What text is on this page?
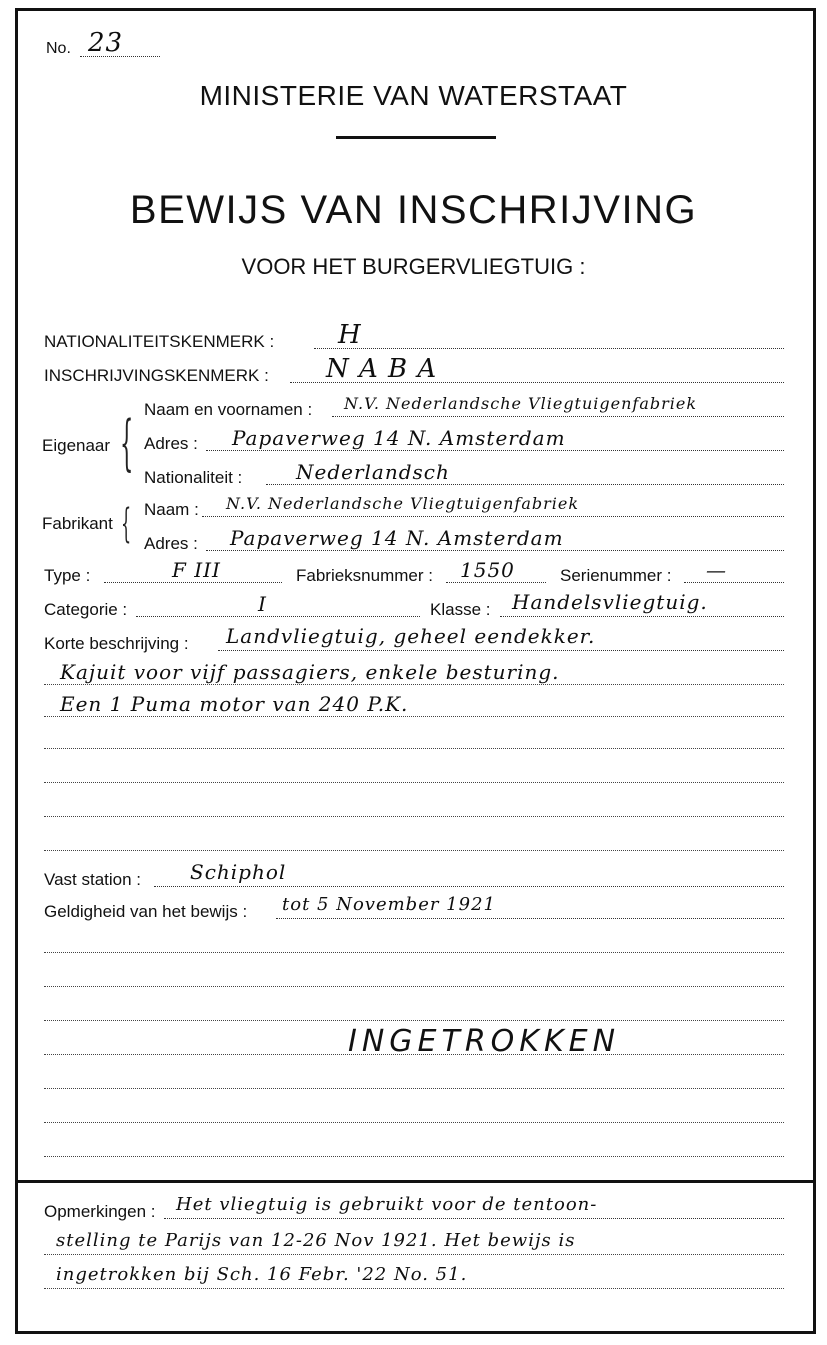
No. 23
MINISTERIE VAN WATERSTAAT
BEWIJS VAN INSCHRIJVING
VOOR HET BURGERVLIEGTUIG :
NATIONALITEITSKENMERK : H
INSCHRIJVINGSKENMERK : N A B A
Eigenaar { Naam en voornamen : N.V. Nederlandsche Vliegtuigenfabriek
Adres : Papaverweg 14 N. Amsterdam
Nationaliteit :	Nederlandsch
Fabrikant { Naam : N.V. Nederlandsche Vliegtuigenfabriek
Adres : Papaverweg 14 N. Amsterdam
Type :	F III	Fabrieksnummer : 1550	Serienummer : —
Categorie :	I	Klasse : Handelsvliegtuig.
Korte beschrijving : Landvliegtuig, geheel eendekker.
Kajuit voor vijf passagiers, enkele besturing.
Een 1 Puma motor van 240 P.K.
Vast station : Schiphol
Geldigheid van het bewijs : tot 5 November 1921
INGETROKKEN
Opmerkingen : Het vliegtuig is gebruikt voor de tentoon-
stelling te Parijs van 12-26 Nov 1921. Het bewijs is
ingetrokken bij Sch. 16 Febr. '22 No. 51.
